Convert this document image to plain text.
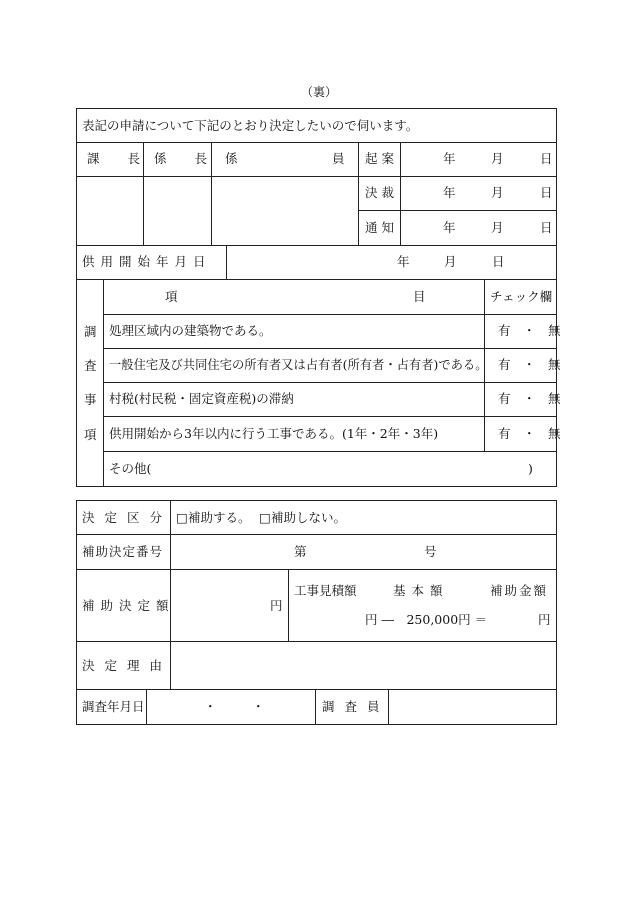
（裏）
表記の申請について下記のとおり決定したいので伺います。
課　　長 係　　長 係	員 起案	年	月	日
決裁	年	月	日
通知	年	月	日
供用開始年月日	年	月	日
調
査
事
項
項	目	チェック欄
処理区域内の建築物である。	有　・　無
一般住宅及び共同住宅の所有者又は占有者(所有者・占有者)である。 有　・　無
村税(村民税・固定資産税)の滞納	有　・　無
供用開始から3年以内に行う工事である。(1年・2年・3年)	有　・　無
その他(	)
決定区分 □ 補助する。 □ 補助しない。
補助決定番号	第	号
補助決定額	円
工事見積額	基本額	補助金額
円 ―　250,000円 ＝	円
決定理由
調査年月日	・	・	調査員
